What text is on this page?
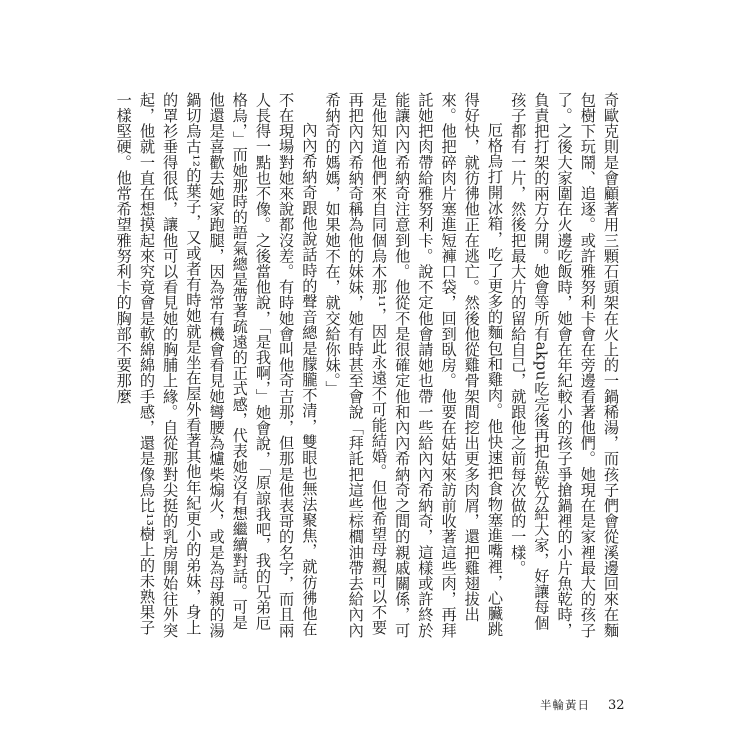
奇歐克則是會顧著用三顆石頭架在火上的一鍋稀湯，而孩子們會從溪邊回來在麵包樹下玩鬧、追逐。或許雅努利卡會在旁邊看著他們。她現在是家裡最大的孩子了。之後大家圍在火邊吃飯時，她會在年紀較小的孩子爭搶鍋裡的小片魚乾時，負責把打架的兩方分開。她會等所有akpu吃完後再把魚乾分給大家，好讓每個孩子都有一片，然後把最大片的留給自己，就跟他之前每次做的一樣。

厄格烏打開冰箱，吃了更多的麵包和雞肉。他快速把食物塞進嘴裡，心臟跳得好快，就彷彿他正在逃亡。然後他從雞骨架間挖出更多肉屑，還把雞翅拔出來。他把碎肉片塞進短褲口袋，回到臥房。他要在姑姑來訪前收著這些肉，再拜託她把肉帶給雅努利卡。說不定他會請她也帶一些給內內希納奇，這樣或許終於能讓內內希納奇注意到他。他從不是很確定他和內內希納奇之間的親戚關係，可是他知道他們來自同個烏木那¹¹，因此永遠不可能結婚。但他希望母親可以不要再把內內希納奇稱為他的妹妹，她有時甚至會說「拜託把這些棕櫚油帶去給內內希納奇的媽媽，如果她不在，就交給你妹。」

內內希納奇跟他說話時的聲音總是朦朧不清，雙眼也無法聚焦，就彷彿他在不在現場對她來說都沒差。有時她會叫他奇吉那，但那是他表哥的名字，而且兩人長得一點也不像。之後當他說，「是我啊，」她會說，「原諒我吧，我的兄弟厄格烏，」而她那時的語氣總是帶著疏遠的正式感，代表她沒有想繼續對話。可是他還是喜歡去她家跑腿，因為常有機會看見她彎腰為爐柴煽火，或是為母親的湯鍋切烏古¹²的葉子，又或者有時她就是坐在屋外看著其他年紀更小的弟妹，身上的罩衫垂得很低，讓他可以看見她的胸脯上緣。自從那對尖挺的乳房開始往外突起，他就一直在想摸起來究竟會是軟綿綿的手感，還是像烏比¹³樹上的未熟果子一樣堅硬。他常希望雅努利卡的胸部不要那麼

半輪黃日 32
